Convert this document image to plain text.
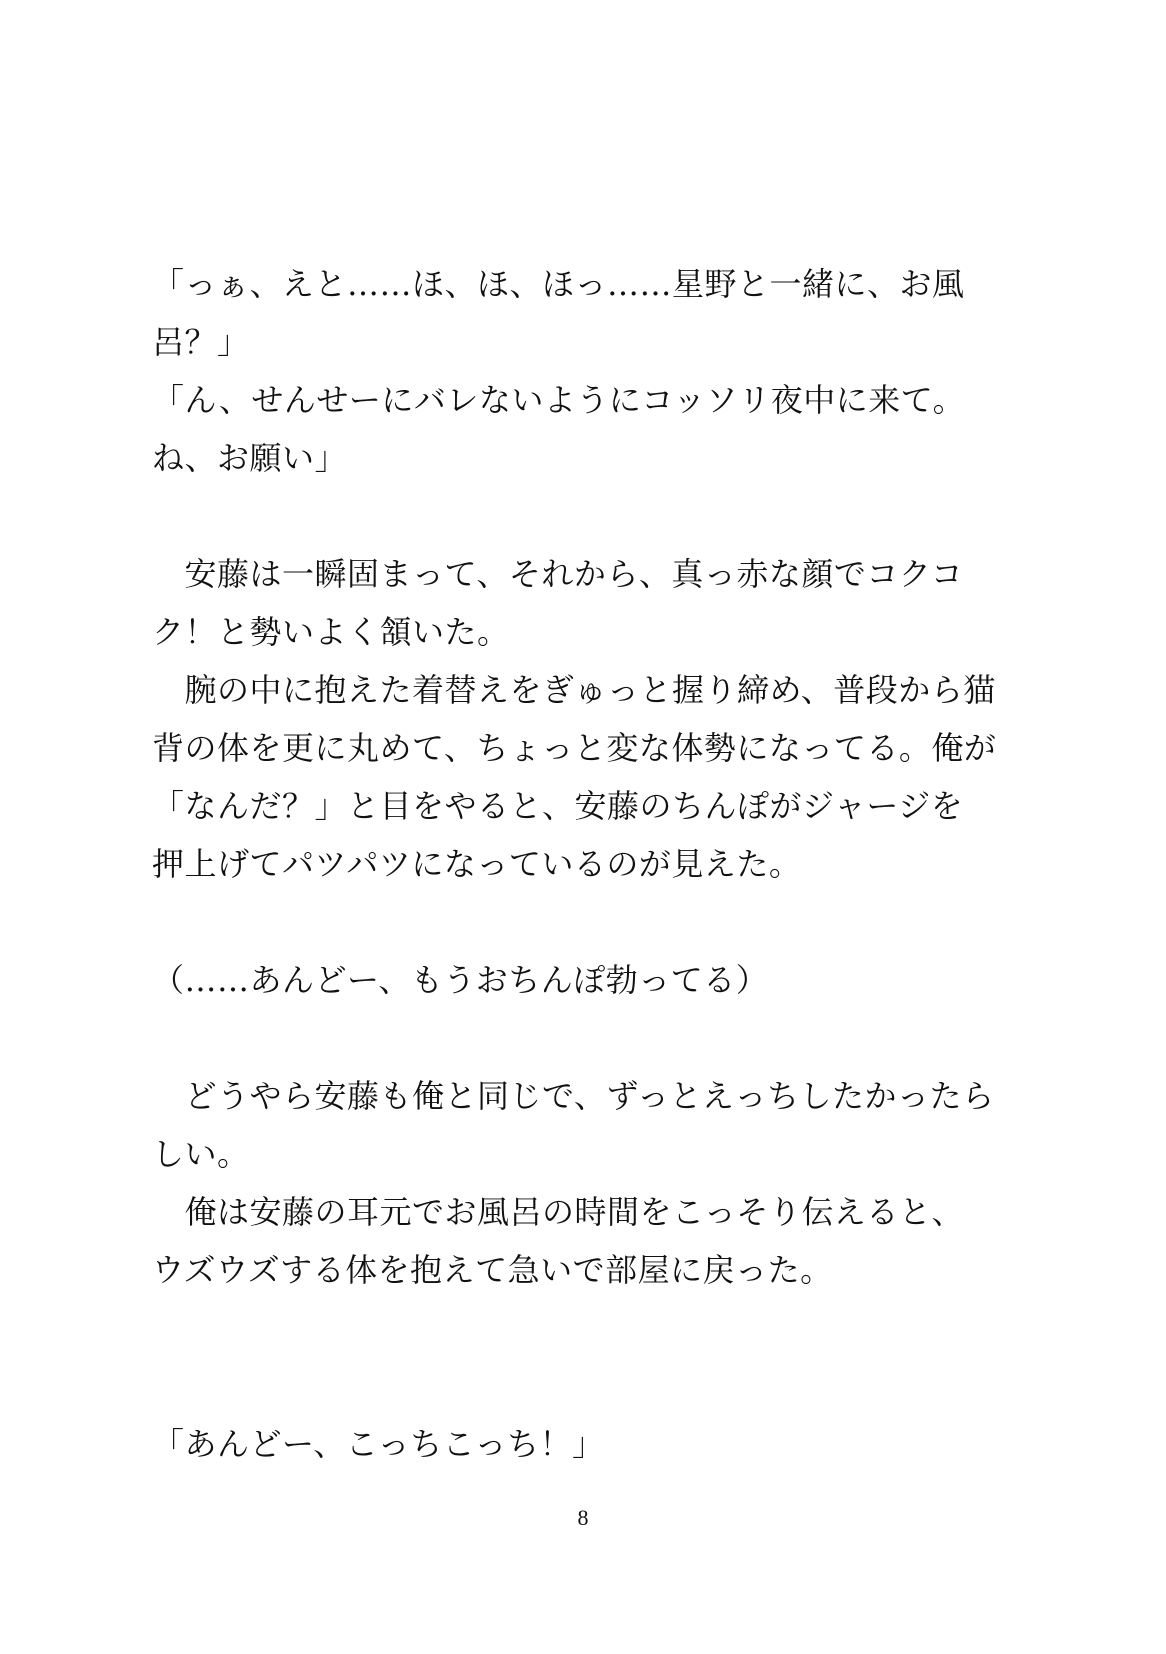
「っぁ、えと……ほ、ほ、ほっ……星野と一緒に、お風
呂？」
「ん、せんせーにバレないようにコッソリ夜中に来て。
ね、お願い」
　安藤は一瞬固まって、それから、真っ赤な顔でコクコ
ク！と勢いよく頷いた。
　腕の中に抱えた着替えをぎゅっと握り締め、普段から猫
背の体を更に丸めて、ちょっと変な体勢になってる。俺が
「なんだ？」と目をやると、安藤のちんぽがジャージを
押上げてパツパツになっているのが見えた。
（……あんどー、もうおちんぽ勃ってる）
　どうやら安藤も俺と同じで、ずっとえっちしたかったら
しい。
　俺は安藤の耳元でお風呂の時間をこっそり伝えると、
ウズウズする体を抱えて急いで部屋に戻った。
「あんどー、こっちこっち！」
8
